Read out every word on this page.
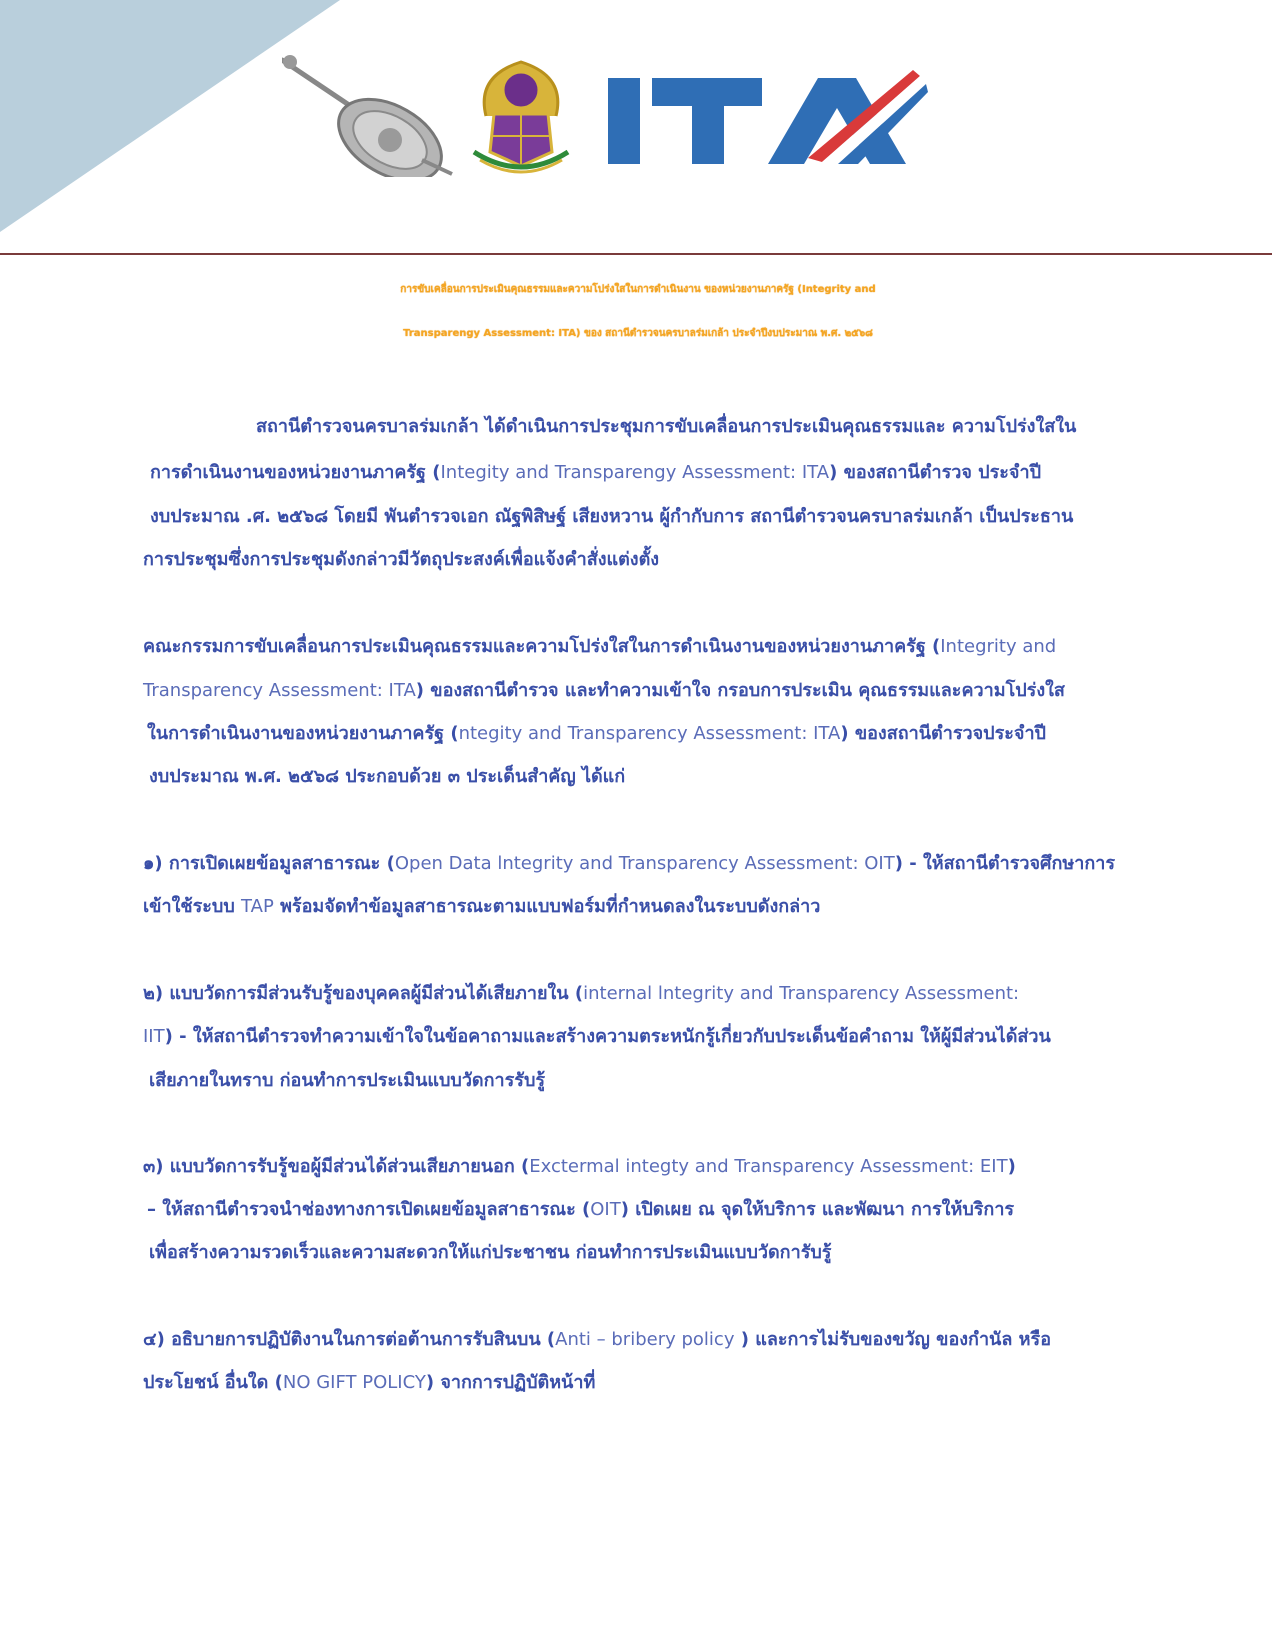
การขับเคลื่อนการประเมินคุณธรรมและความโปร่งใสในการดำเนินงาน ของหน่วยงานภาครัฐ (Integrity and
Transparengy Assessment: ITA) ของ สถานีตำรวจนครบาลร่มเกล้า ประจำปีงบประมาณ พ.ศ. ๒๕๖๘
สถานีตำรวจนครบาลร่มเกล้า ได้ดำเนินการประชุมการขับเคลื่อนการประเมินคุณธรรมและ ความโปร่งใสใน
การดำเนินงานของหน่วยงานภาครัฐ (Integity and Transparengy Assessment: ITA) ของสถานีตำรวจ ประจำปี
งบประมาณ .ศ. ๒๕๖๘ โดยมี พันตำรวจเอก ณัฐพิสิษฐ์ เสียงหวาน ผู้กำกับการ สถานีตำรวจนครบาลร่มเกล้า เป็นประธาน
การประชุมซึ่งการประชุมดังกล่าวมีวัตถุประสงค์เพื่อแจ้งคำสั่งแต่งตั้ง
คณะกรรมการขับเคลื่อนการประเมินคุณธรรมและความโปร่งใสในการดำเนินงานของหน่วยงานภาครัฐ (Integrity and
Transparency Assessment: ITA) ของสถานีตำรวจ และทำความเข้าใจ กรอบการประเมิน คุณธรรมและความโปร่งใส
ในการดำเนินงานของหน่วยงานภาครัฐ (ntegity and Transparency Assessment: ITA) ของสถานีตำรวจประจำปี
งบประมาณ พ.ศ. ๒๕๖๘ ประกอบด้วย ๓ ประเด็นสำคัญ ได้แก่
๑) การเปิดเผยข้อมูลสาธารณะ (Open Data lntegrity and Transparency Assessment: OIT) - ให้สถานีตำรวจศึกษาการ
เข้าใช้ระบบ TAP พร้อมจัดทำข้อมูลสาธารณะตามแบบฟอร์มที่กำหนดลงในระบบดังกล่าว
๒) แบบวัดการมีส่วนรับรู้ของบุคคลผู้มีส่วนได้เสียภายใน (internal lntegrity and Transparency Assessment:
IIT) - ให้สถานีตำรวจทำความเข้าใจในข้อคาถามและสร้างความตระหนักรู้เกี่ยวกับประเด็นข้อคำถาม ให้ผู้มีส่วนได้ส่วน
เสียภายในทราบ ก่อนทำการประเมินแบบวัดการรับรู้
๓) แบบวัดการรับรู้ขอผู้มีส่วนได้ส่วนเสียภายนอก (Exctermal integty and Transparency Assessment: EIT)
– ให้สถานีตำรวจนำช่องทางการเปิดเผยข้อมูลสาธารณะ (OIT) เปิดเผย ณ จุดให้บริการ และพัฒนา การให้บริการ
เพื่อสร้างความรวดเร็วและความสะดวกให้แก่ประชาชน ก่อนทำการประเมินแบบวัดการับรู้
๔) อธิบายการปฏิบัติงานในการต่อต้านการรับสินบน (Anti – bribery policy ) และการไม่รับของขวัญ ของกำนัล หรือ
ประโยชน์ อื่นใด (NO GIFT POLICY) จากการปฏิบัติหน้าที่
